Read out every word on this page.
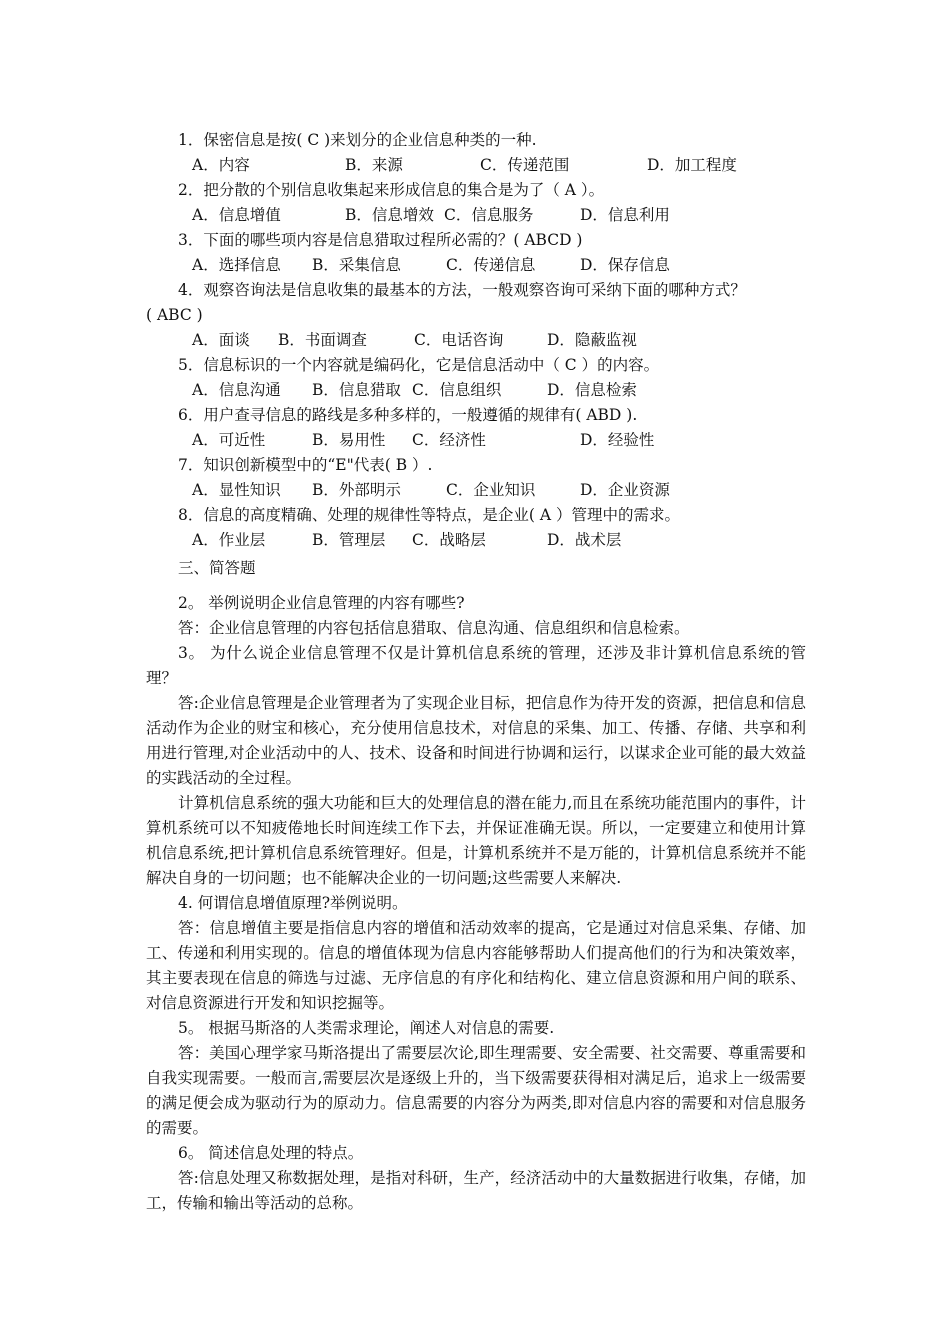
1．保密信息是按( C )来划分的企业信息种类的一种.
A．内容	B．来源	C．传递范围	D．加工程度
2．把分散的个别信息收集起来形成信息的集合是为了（ A ）。
A．信息增值	B．信息增效 C．信息服务	D．信息利用
3．下面的哪些项内容是信息猎取过程所必需的？( ABCD )
A．选择信息 B．采集信息	C．传递信息	D．保存信息
4．观察咨询法是信息收集的最基本的方法，一般观察咨询可采纳下面的哪种方式？
( ABC )
A．面谈 B．书面调查	C．电话咨询	D．隐蔽监视
5．信息标识的一个内容就是编码化，它是信息活动中（ C ）的内容。
A．信息沟通 B．信息猎取 C．信息组织	D．信息检索
6．用户查寻信息的路线是多种多样的，一般遵循的规律有( ABD ).
A．可近性	B．易用性 C．经济性	D．经验性
7．知识创新模型中的“E"代表( B ）.
A．显性知识 B．外部明示	C．企业知识	D．企业资源
8．信息的高度精确、处理的规律性等特点，是企业( A ）管理中的需求。
A．作业层	B．管理层 C．战略层	D．战术层
三、简答题
2。 举例说明企业信息管理的内容有哪些?
答：企业信息管理的内容包括信息猎取、信息沟通、信息组织和信息检索。
3。 为什么说企业信息管理不仅是计算机信息系统的管理，还涉及非计算机信息系统的管理？
答:企业信息管理是企业管理者为了实现企业目标，把信息作为待开发的资源，把信息和信息活动作为企业的财宝和核心，充分使用信息技术，对信息的采集、加工、传播、存储、共享和利用进行管理,对企业活动中的人、技术、设备和时间进行协调和运行，以谋求企业可能的最大效益的实践活动的全过程。
计算机信息系统的强大功能和巨大的处理信息的潜在能力,而且在系统功能范围内的事件，计算机系统可以不知疲倦地长时间连续工作下去，并保证准确无误。所以，一定要建立和使用计算机信息系统,把计算机信息系统管理好。但是，计算机系统并不是万能的，计算机信息系统并不能解决自身的一切问题；也不能解决企业的一切问题;这些需要人来解决.
4. 何谓信息增值原理?举例说明。
答：信息增值主要是指信息内容的增值和活动效率的提高，它是通过对信息采集、存储、加工、传递和利用实现的。信息的增值体现为信息内容能够帮助人们提高他们的行为和决策效率，其主要表现在信息的筛选与过滤、无序信息的有序化和结构化、建立信息资源和用户间的联系、对信息资源进行开发和知识挖掘等。
5。 根据马斯洛的人类需求理论，阐述人对信息的需要.
答：美国心理学家马斯洛提出了需要层次论,即生理需要、安全需要、社交需要、尊重需要和自我实现需要。一般而言,需要层次是逐级上升的，当下级需要获得相对满足后，追求上一级需要的满足便会成为驱动行为的原动力。信息需要的内容分为两类,即对信息内容的需要和对信息服务的需要。
6。 简述信息处理的特点。
答:信息处理又称数据处理，是指对科研，生产，经济活动中的大量数据进行收集，存储，加工，传输和输出等活动的总称。
